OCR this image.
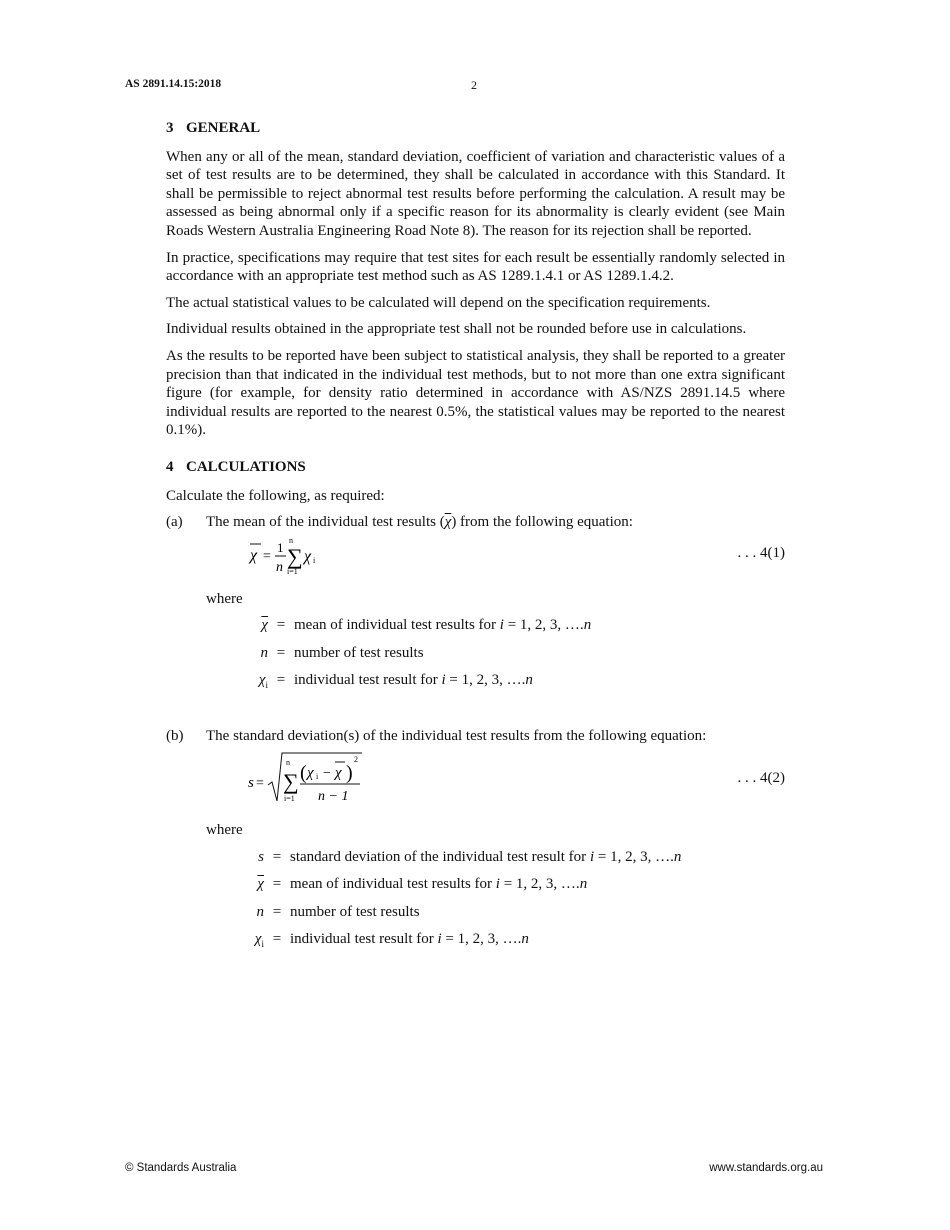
AS 2891.14.15:2018	2
3 GENERAL

When any or all of the mean, standard deviation, coefficient of variation and characteristic values of a set of test results are to be determined, they shall be calculated in accordance with this Standard. It shall be permissible to reject abnormal test results before performing the calculation. A result may be assessed as being abnormal only if a specific reason for its abnormality is clearly evident (see Main Roads Western Australia Engineering Road Note 8). The reason for its rejection shall be reported.

In practice, specifications may require that test sites for each result be essentially randomly selected in accordance with an appropriate test method such as AS 1289.1.4.1 or AS 1289.1.4.2.

The actual statistical values to be calculated will depend on the specification requirements.

Individual results obtained in the appropriate test shall not be rounded before use in calculations.

As the results to be reported have been subject to statistical analysis, they shall be reported to a greater precision than that indicated in the individual test methods, but to not more than one extra significant figure (for example, for density ratio determined in accordance with AS/NZS 2891.14.5 where individual results are reported to the nearest 0.5%, the statistical values may be reported to the nearest 0.1%).

4 CALCULATIONS

Calculate the following, as required:

(a) The mean of the individual test results $(\overline{\chi})$ from the following equation:
χ =
1
n
n
∑
i=1
χ i	. . . 4(1)
where
$\overline{\chi}$ = mean of individual test results for i = 1, 2, 3, ….n
n = number of test results
$\chi_i$ = individual test result for i = 1, 2, 3, ….n
(b) The standard deviation(s) of the individual test results from the following equation:
s =
n
∑
i=1
( χ i − χ )
2
n − 1
. . . 4(2)
where
s = standard deviation of the individual test result for i = 1, 2, 3, ….n
$\overline{\chi}$ = mean of individual test results for i = 1, 2, 3, ….n
n = number of test results
$\chi_i$ = individual test result for i = 1, 2, 3, ….n
© Standards Australia	www.standards.org.au
